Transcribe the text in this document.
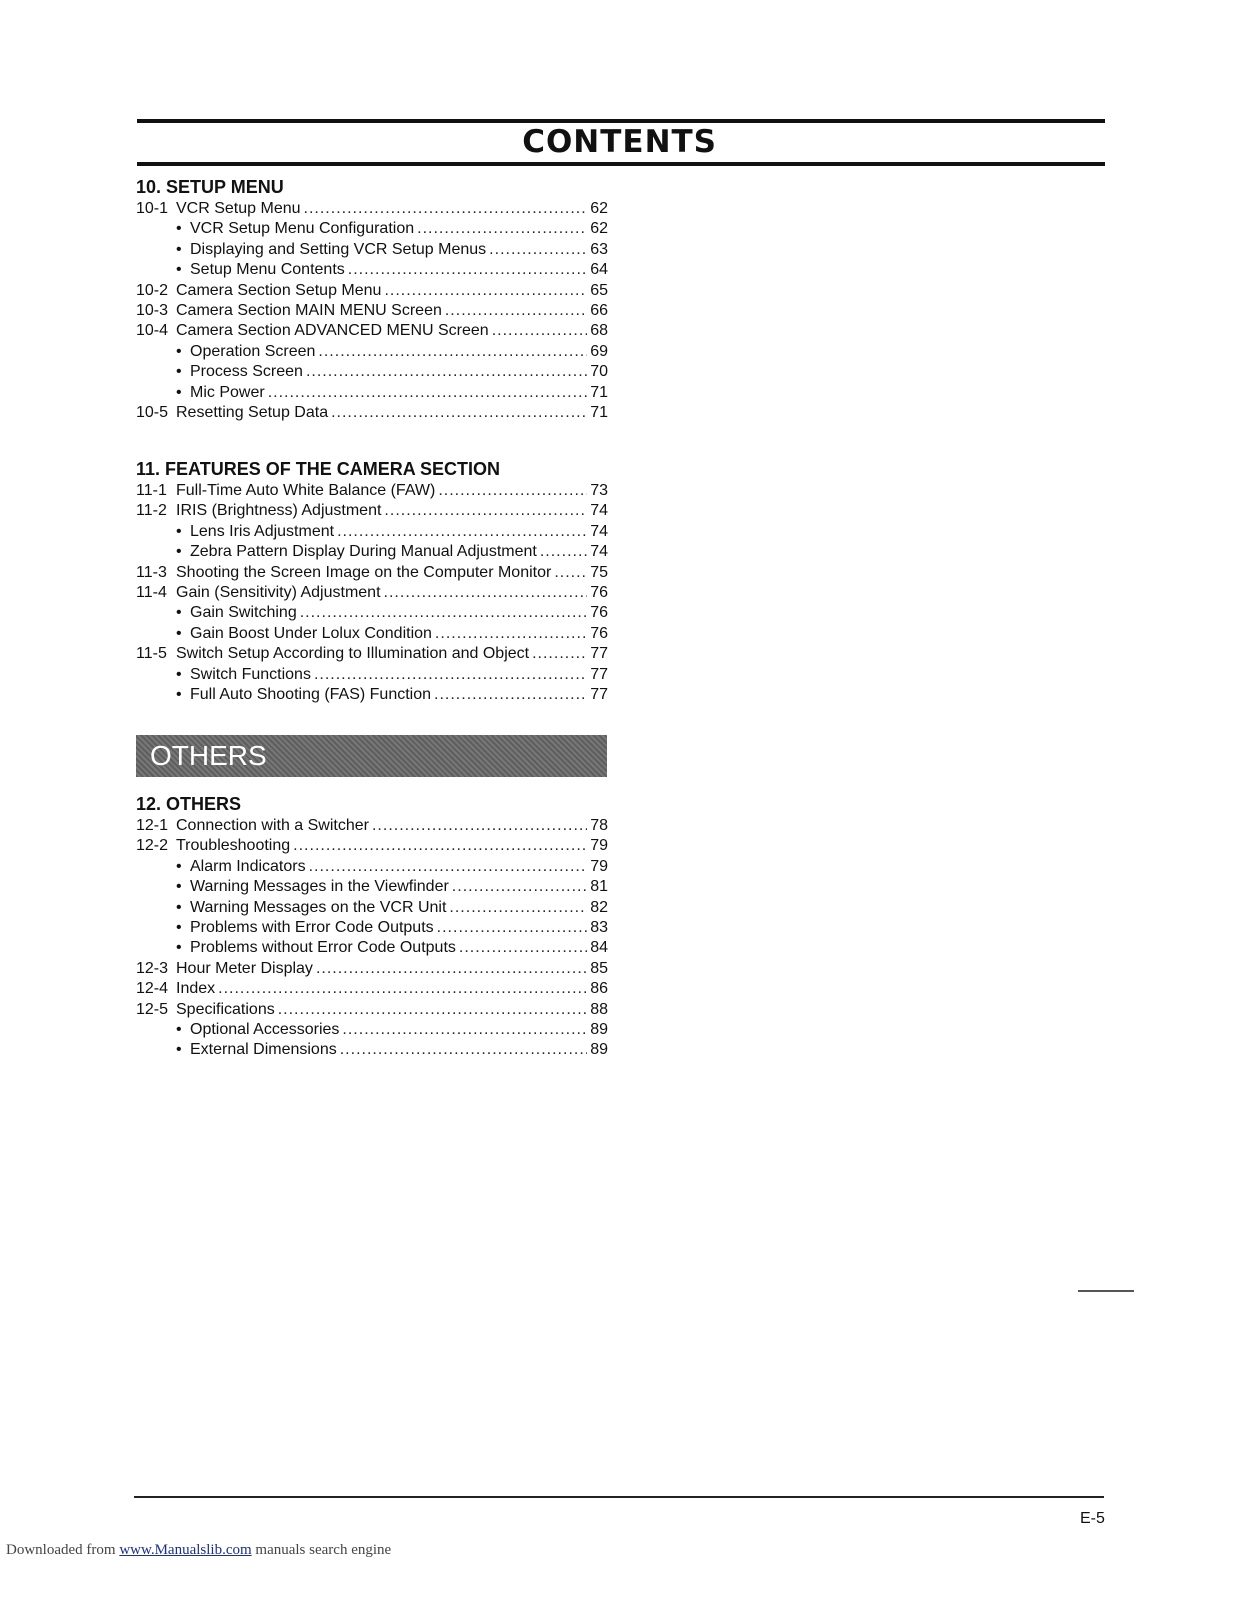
CONTENTS
10. SETUP MENU
10-1 VCR Setup Menu .....	62
• VCR Setup Menu Configuration .....	62
• Displaying and Setting VCR Setup Menus .....	63
• Setup Menu Contents .....	64
10-2 Camera Section Setup Menu .....	65
10-3 Camera Section MAIN MENU Screen .....	66
10-4 Camera Section ADVANCED MENU Screen .....	68
• Operation Screen .....	69
• Process Screen .....	70
• Mic Power .....	71
10-5 Resetting Setup Data .....	71
11. FEATURES OF THE CAMERA SECTION
11-1 Full-Time Auto White Balance (FAW) .....	73
11-2 IRIS (Brightness) Adjustment .....	74
• Lens Iris Adjustment .....	74
• Zebra Pattern Display During Manual Adjustment .....	74
11-3 Shooting the Screen Image on the Computer Monitor ..... 75
11-4 Gain (Sensitivity) Adjustment .....	76
• Gain Switching .....	76
• Gain Boost Under Lolux Condition .....	76
11-5 Switch Setup According to Illumination and Object .....	77
• Switch Functions .....	77
• Full Auto Shooting (FAS) Function .....	77
OTHERS
12. OTHERS
12-1 Connection with a Switcher .....	78
12-2 Troubleshooting .....	79
• Alarm Indicators .....	79
• Warning Messages in the Viewfinder .....	81
• Warning Messages on the VCR Unit .....	82
• Problems with Error Code Outputs .....	83
• Problems without Error Code Outputs .....	84
12-3 Hour Meter Display .....	85
12-4 Index .....	86
12-5 Specifications .....	88
• Optional Accessories .....	89
• External Dimensions .....	89
E-5
Downloaded from www.Manualslib.com manuals search engine
